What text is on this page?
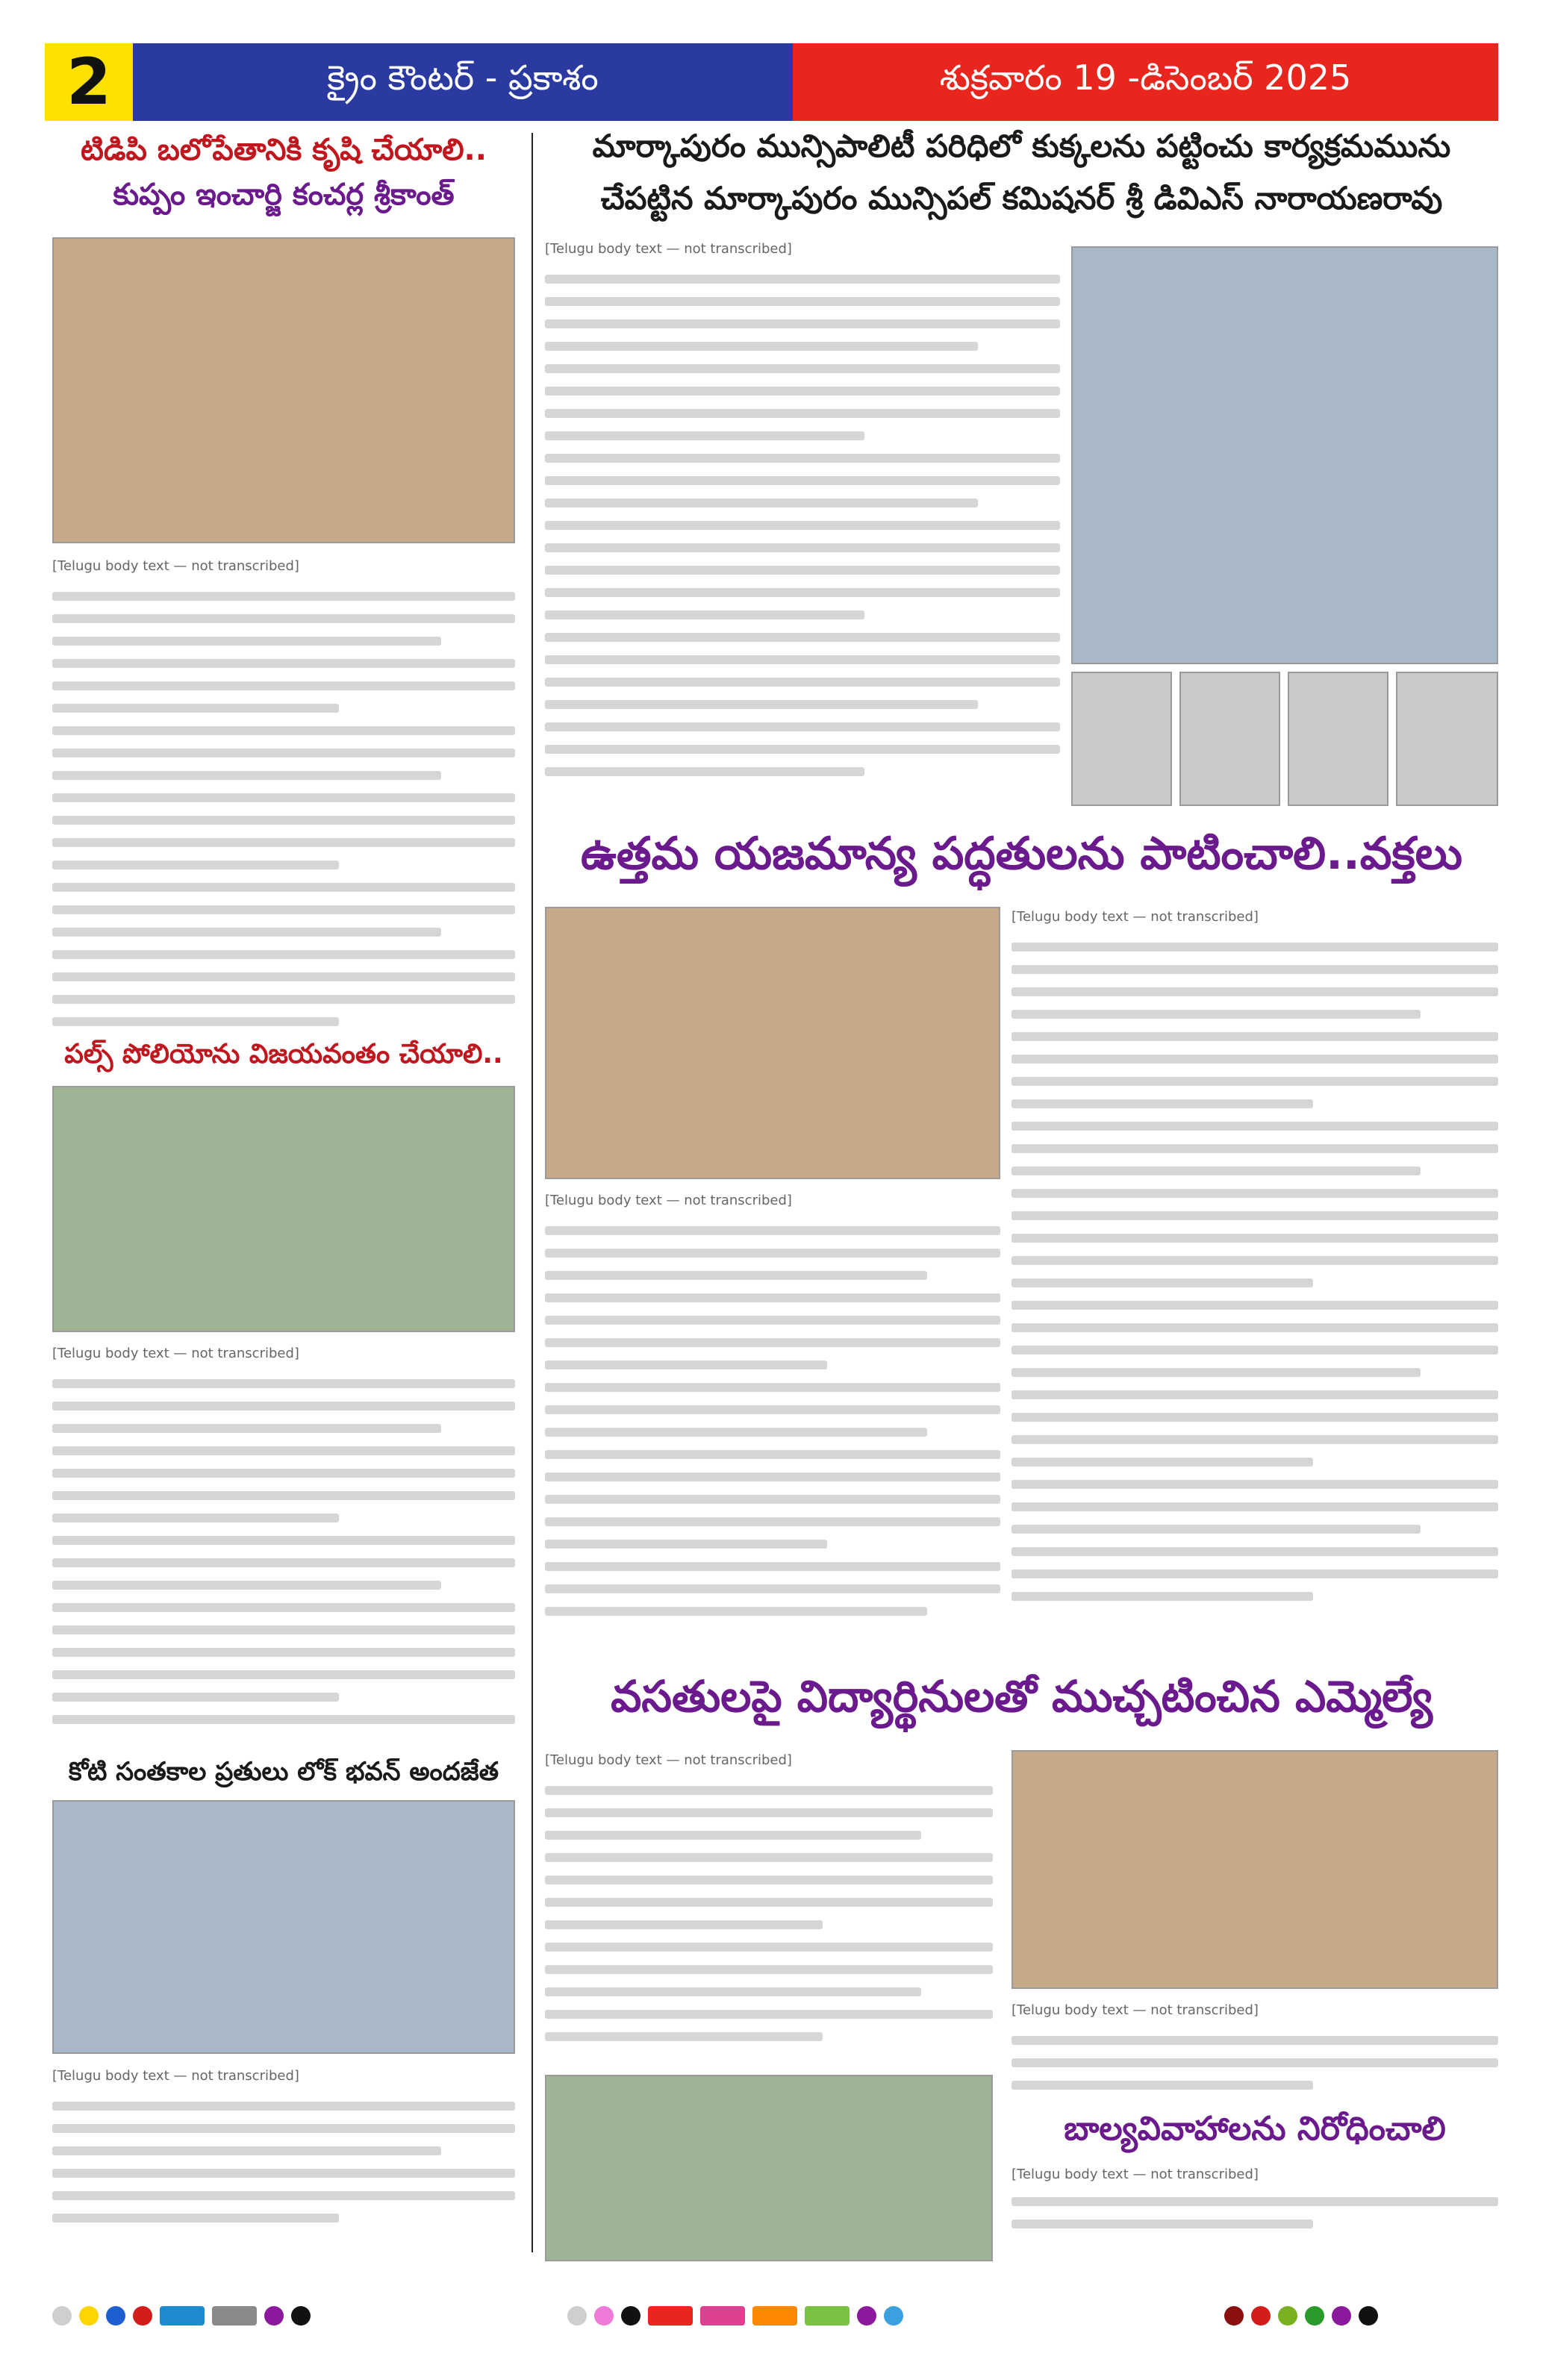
2	క్రైం కౌంటర్ - ప్రకాశం	శుక్రవారం 19 -డిసెంబర్ 2025
టిడిపి బలోపేతానికి కృషి చేయాలి..
కుప్పం ఇంచార్జి కంచర్ల శ్రీకాంత్
[Telugu body text — not transcribed]
పల్స్ పోలియోను విజయవంతం చేయాలి..
[Telugu body text — not transcribed]
కోటి సంతకాల ప్రతులు లోక్ భవన్ అందజేత
[Telugu body text — not transcribed]
మార్కాపురం మున్సిపాలిటీ పరిధిలో కుక్కలను పట్టించు కార్యక్రమమును
చేపట్టిన మార్కాపురం మున్సిపల్ కమిషనర్ శ్రీ డివిఎస్ నారాయణరావు
[Telugu body text — not transcribed]
ఉత్తమ యజమాన్య పద్ధతులను పాటించాలి..వక్తలు
[Telugu body text — not transcribed]
[Telugu body text — not transcribed]
వసతులపై విద్యార్థినులతో ముచ్చటించిన ఎమ్మెల్యే
[Telugu body text — not transcribed]
[Telugu body text — not transcribed]
బాల్యవివాహాలను నిరోధించాలి
[Telugu body text — not transcribed]
